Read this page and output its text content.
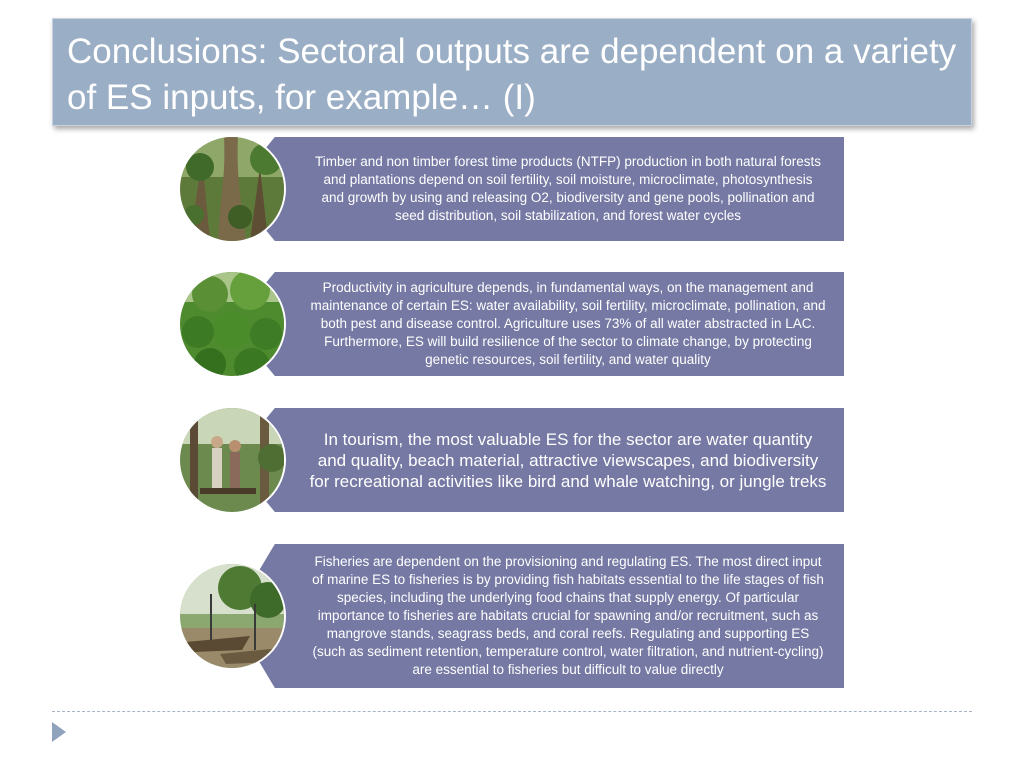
Conclusions: Sectoral outputs are dependent on a variety of ES inputs, for example… (I)
Timber and non timber forest time products (NTFP) production in both natural forests and plantations depend on soil fertility, soil moisture, microclimate, photosynthesis and growth by using and releasing O2, biodiversity and gene pools, pollination and seed distribution, soil stabilization, and forest water cycles
Productivity in agriculture depends, in fundamental ways, on the management and maintenance of certain ES: water availability, soil fertility, microclimate, pollination, and both pest and disease control. Agriculture uses 73% of all water abstracted in LAC. Furthermore, ES will build resilience of the sector to climate change, by protecting genetic resources, soil fertility, and water quality
In tourism, the most valuable ES for the sector are water quantity and quality, beach material, attractive viewscapes, and biodiversity for recreational activities like bird and whale watching, or jungle treks
Fisheries are dependent on the provisioning and regulating ES. The most direct input of marine ES to fisheries is by providing fish habitats essential to the life stages of fish species, including the underlying food chains that supply energy. Of particular importance to fisheries are habitats crucial for spawning and/or recruitment, such as mangrove stands, seagrass beds, and coral reefs. Regulating and supporting ES (such as sediment retention, temperature control, water filtration, and nutrient-cycling) are essential to fisheries but difficult to value directly
